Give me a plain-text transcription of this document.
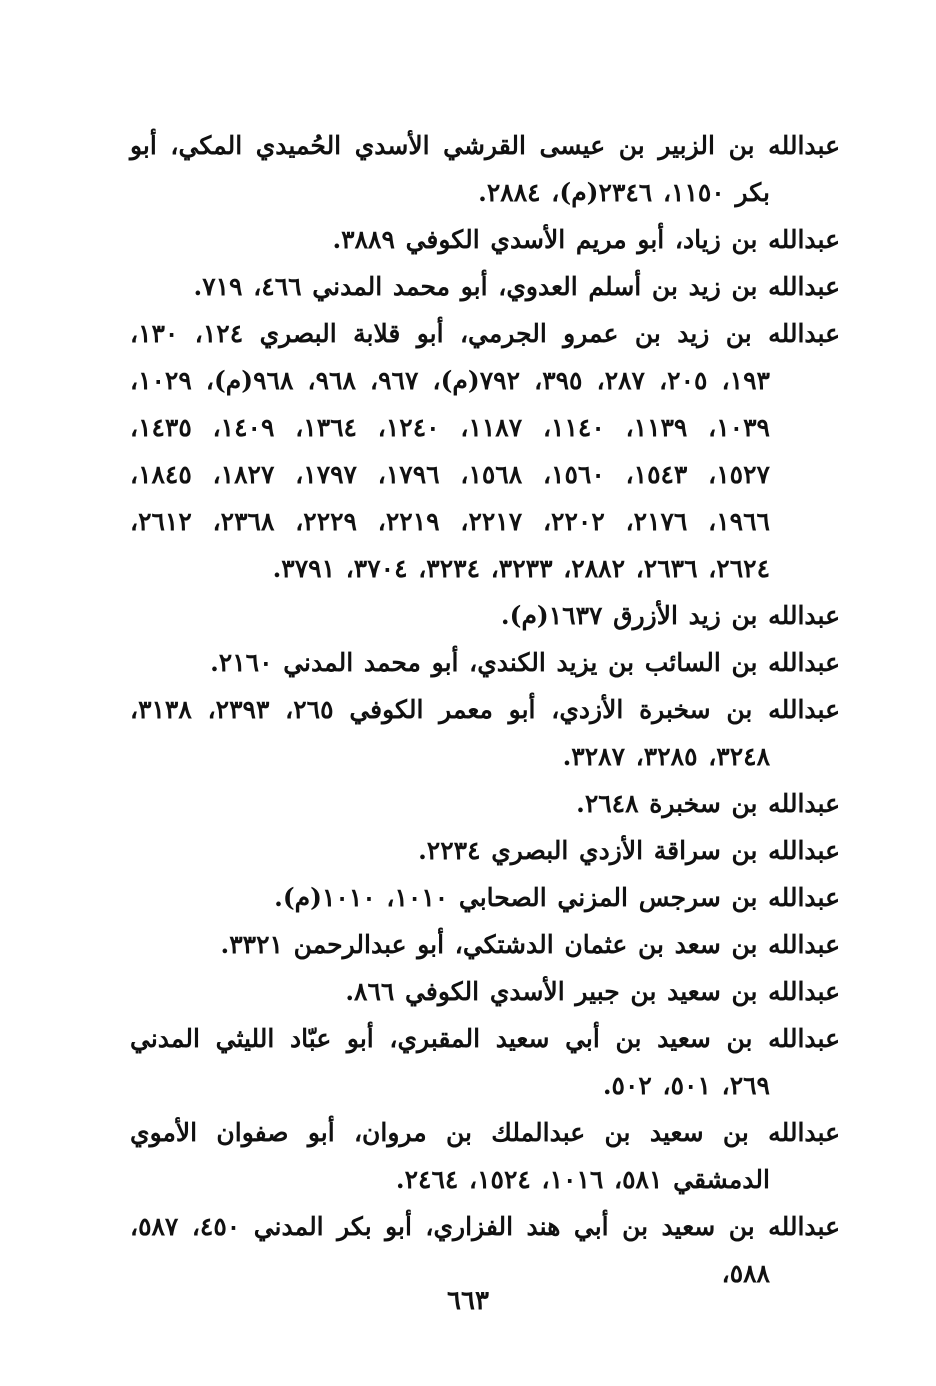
عبدالله بن الزبير بن عيسى القرشي الأسدي الحُميدي المكي، أبو بكر ١١٥٠، ٢٣٤٦(م)، ٢٨٨٤.

عبدالله بن زياد، أبو مريم الأسدي الكوفي ٣٨٨٩.

عبدالله بن زيد بن أسلم العدوي، أبو محمد المدني ٤٦٦، ٧١٩.

عبدالله بن زيد بن عمرو الجرمي، أبو قلابة البصري ١٢٤، ١٣٠، ١٩٣، ٢٠٥، ٢٨٧، ٣٩٥، ٧٩٢(م)، ٩٦٧، ٩٦٨، ٩٦٨(م)، ١٠٢٩، ١٠٣٩، ١١٣٩، ١١٤٠، ١١٨٧، ١٢٤٠، ١٣٦٤، ١٤٠٩، ١٤٣٥، ١٥٢٧، ١٥٤٣، ١٥٦٠، ١٥٦٨، ١٧٩٦، ١٧٩٧، ١٨٢٧، ١٨٤٥، ١٩٦٦، ٢١٧٦، ٢٢٠٢، ٢٢١٧، ٢٢١٩، ٢٢٢٩، ٢٣٦٨، ٢٦١٢، ٢٦٢٤، ٢٦٣٦، ٢٨٨٢، ٣٢٣٣، ٣٢٣٤، ٣٧٠٤، ٣٧٩١.

عبدالله بن زيد الأزرق ١٦٣٧(م).

عبدالله بن السائب بن يزيد الكندي، أبو محمد المدني ٢١٦٠.

عبدالله بن سخبرة الأزدي، أبو معمر الكوفي ٢٦٥، ٢٣٩٣، ٣١٣٨، ٣٢٤٨، ٣٢٨٥، ٣٢٨٧.

عبدالله بن سخبرة ٢٦٤٨.

عبدالله بن سراقة الأزدي البصري ٢٢٣٤.

عبدالله بن سرجس المزني الصحابي ١٠١٠، ١٠١٠(م).

عبدالله بن سعد بن عثمان الدشتكي، أبو عبدالرحمن ٣٣٢١.

عبدالله بن سعيد بن جبير الأسدي الكوفي ٨٦٦.

عبدالله بن سعيد بن أبي سعيد المقبري، أبو عبّاد الليثي المدني ٢٦٩، ٥٠١، ٥٠٢.

عبدالله بن سعيد بن عبدالملك بن مروان، أبو صفوان الأموي الدمشقي ٥٨١، ١٠١٦، ١٥٢٤، ٢٤٦٤.

عبدالله بن سعيد بن أبي هند الفزاري، أبو بكر المدني ٤٥٠، ٥٨٧، ٥٨٨،

٦٦٣
